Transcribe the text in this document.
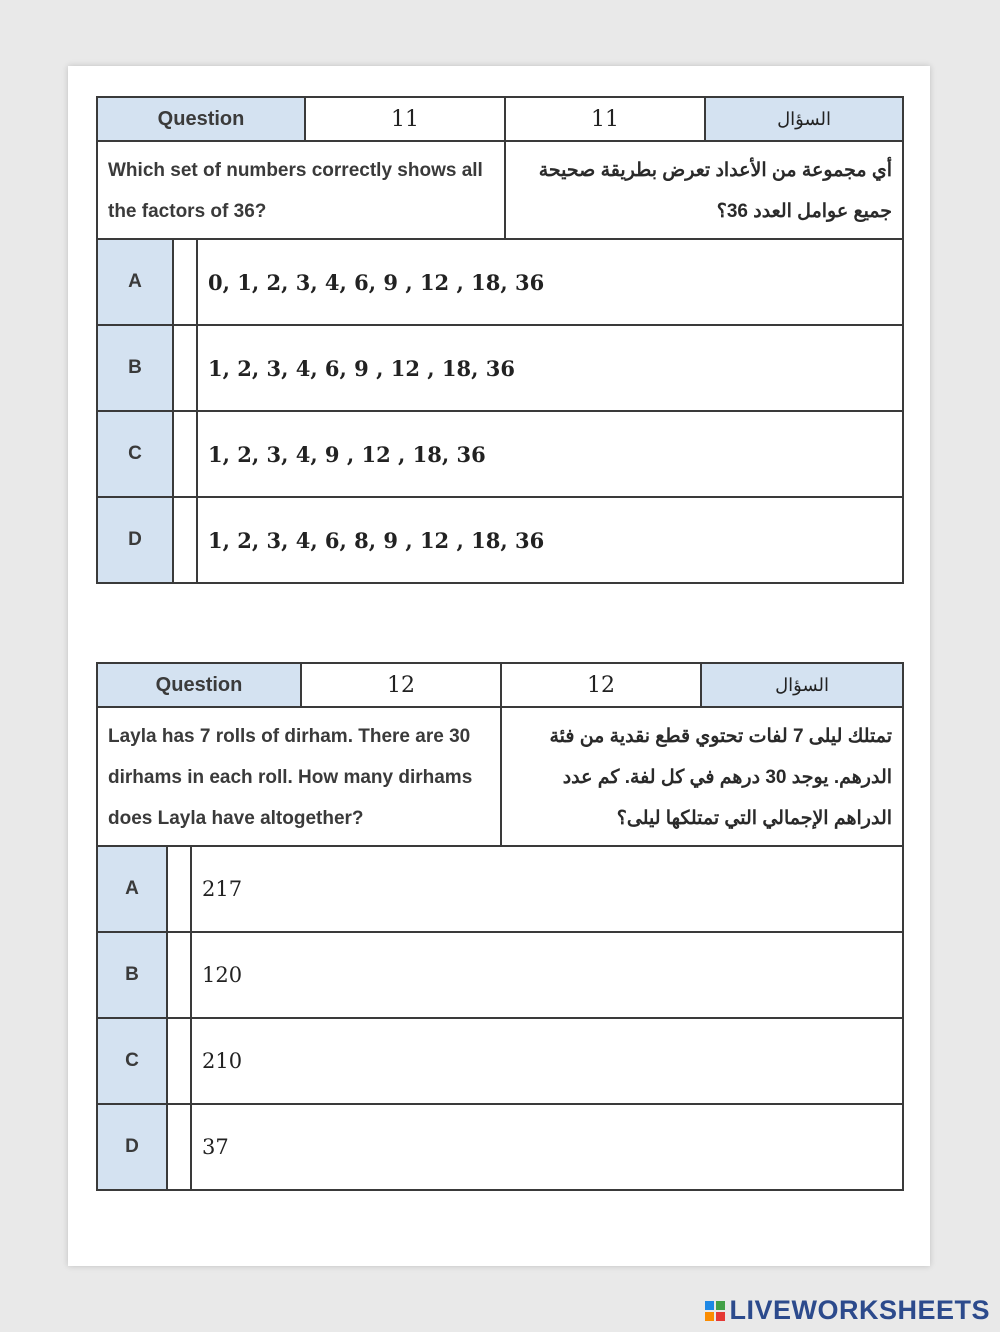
Question			11	11	السؤال
Which set of numbers correctly shows all the factors of 36?				أي مجموعة من الأعداد تعرض بطريقة صحيحة جميع عوامل العدد 36؟	
A		0, 1, 2, 3, 4, 6, 9 , 12 , 18, 36			
B		1, 2, 3, 4, 6, 9 , 12 , 18, 36			
C		1, 2, 3, 4, 9 , 12 , 18, 36			
D		1, 2, 3, 4, 6, 8, 9 , 12 , 18, 36			
Question			12	12	السؤال
Layla has 7 rolls of dirham. There are 30 dirhams in each roll. How many dirhams does Layla have altogether?				تمتلك ليلى 7 لفات تحتوي قطع نقدية من فئة الدرهم. يوجد 30 درهم في كل لفة. كم عدد الدراهم الإجمالي التي تمتلكها ليلى؟	
A		217			
B		120			
C		210			
D		37			
LIVEWORKSHEETS
